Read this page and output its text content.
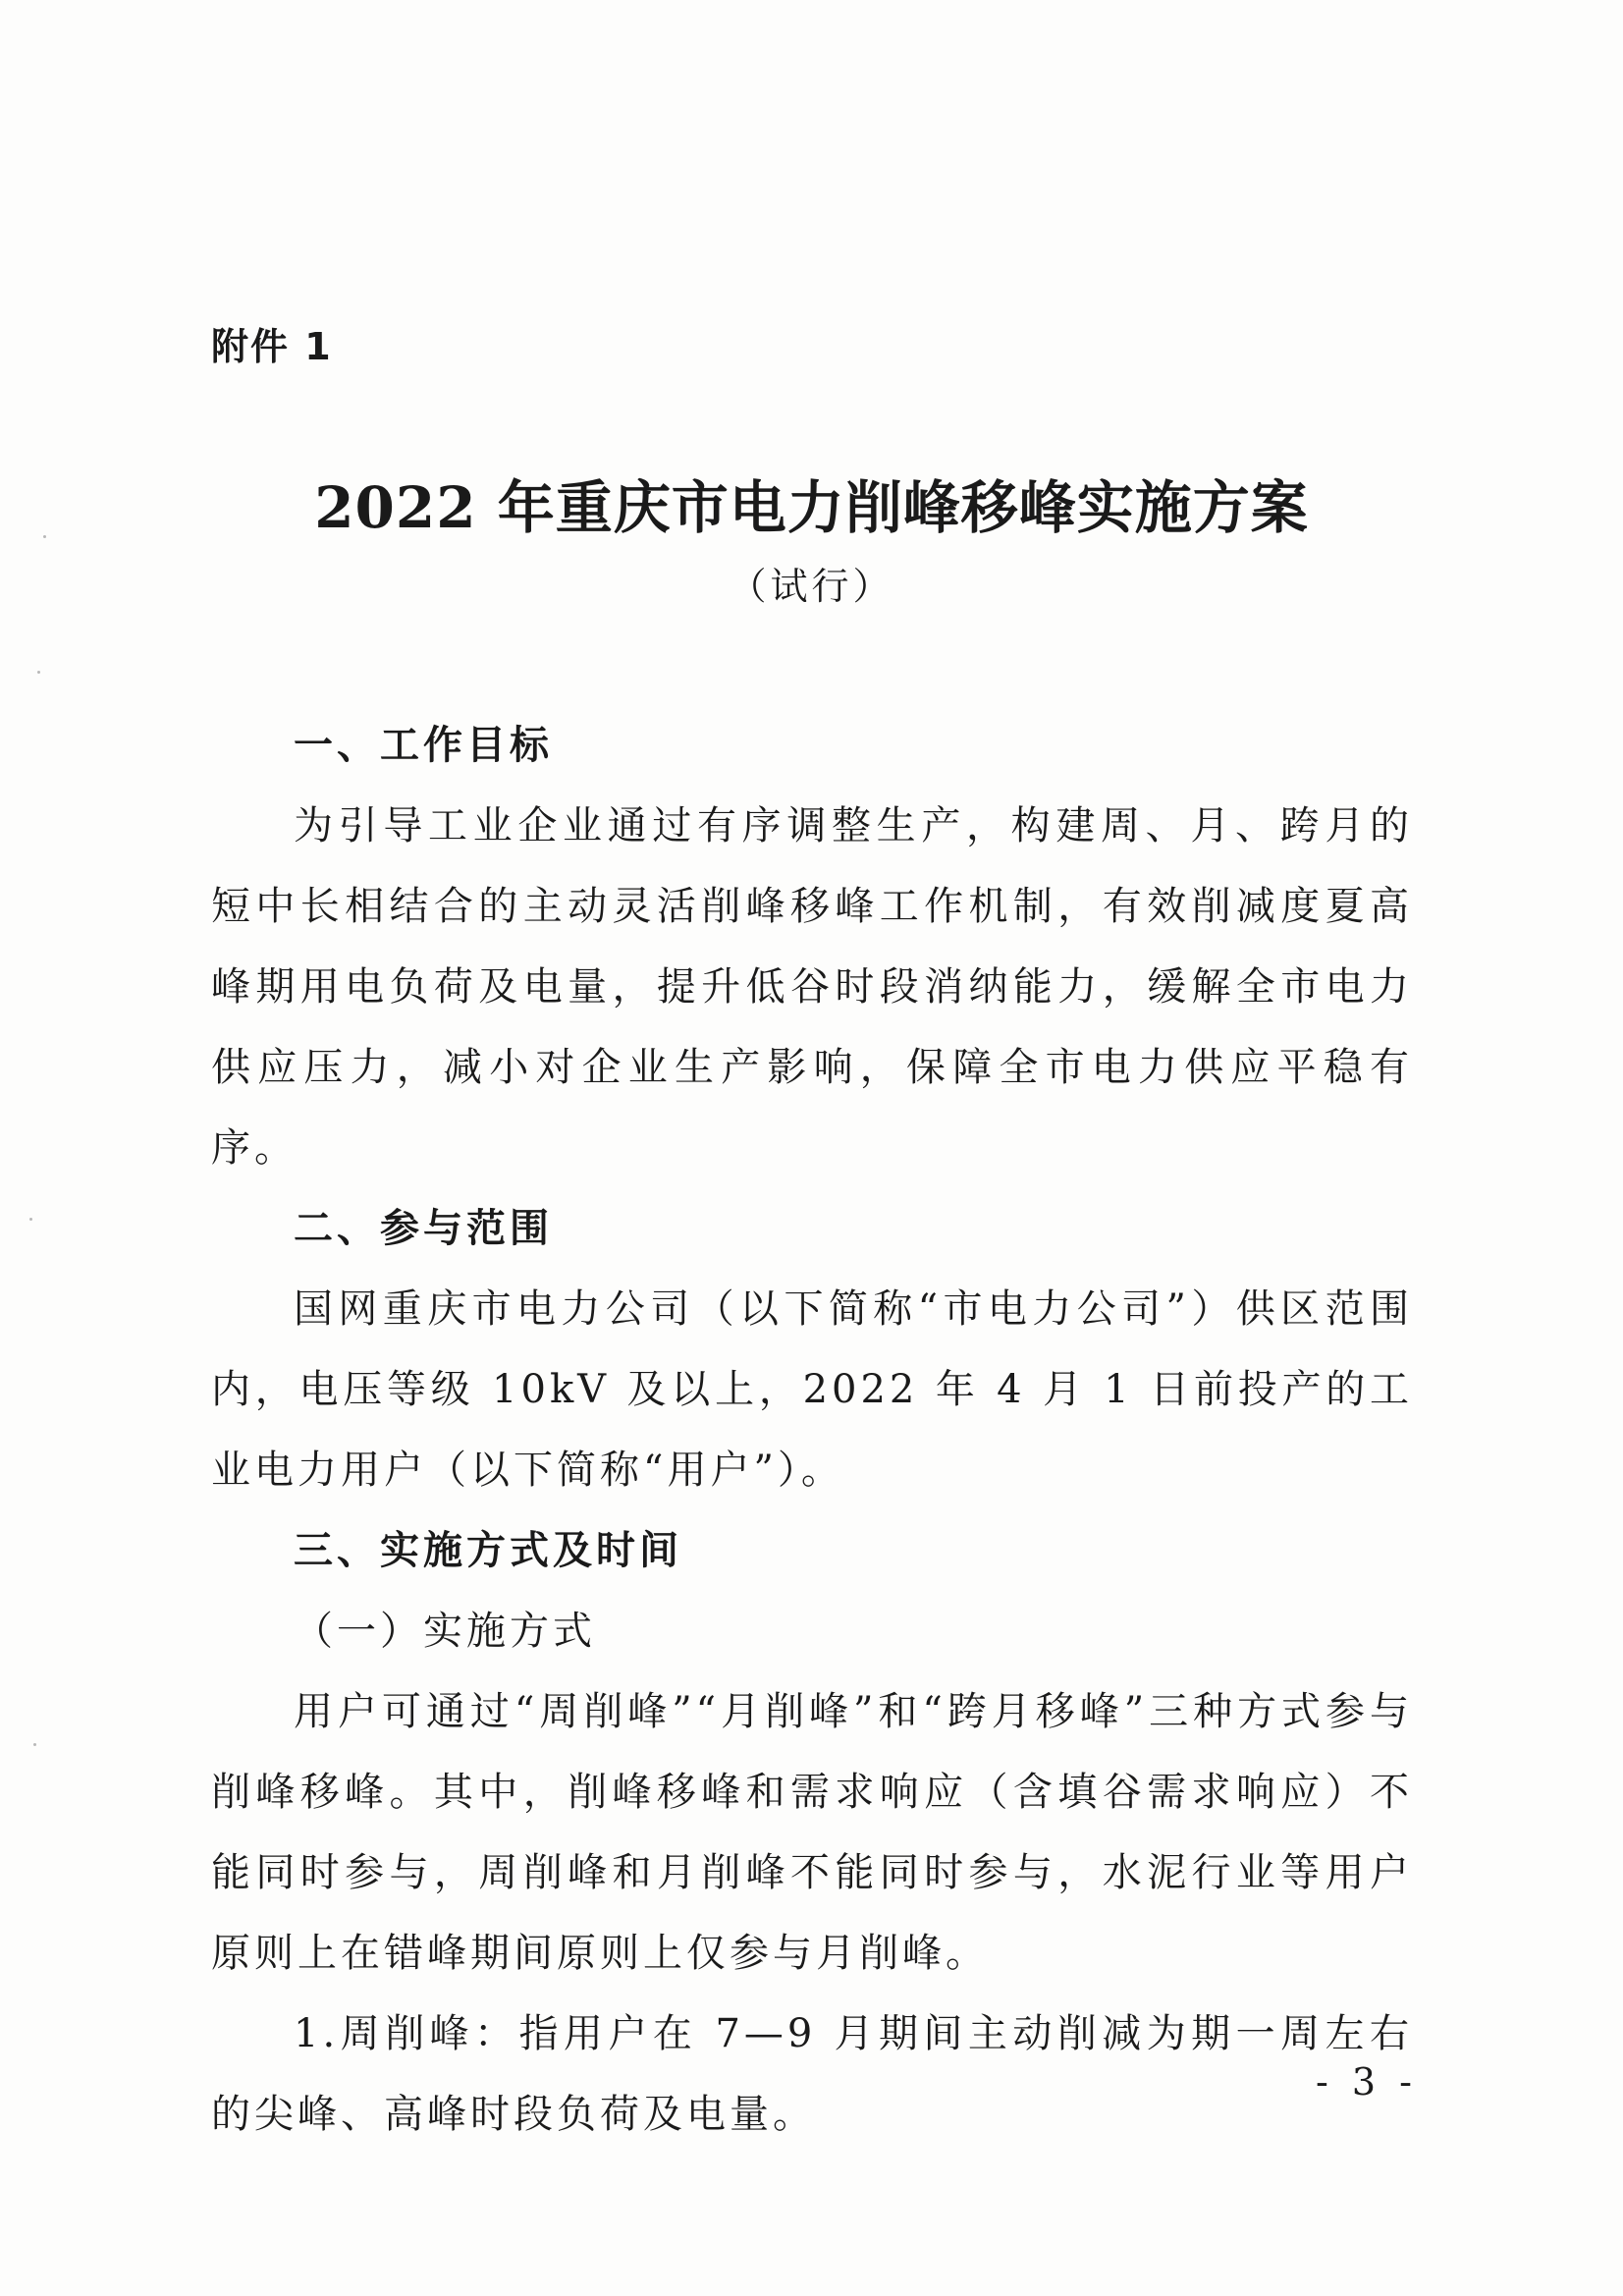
附件 1
2022 年重庆市电力削峰移峰实施方案
（试行）

一、工作目标

为引导工业企业通过有序调整生产，构建周、月、跨月的短中长相结合的主动灵活削峰移峰工作机制，有效削减度夏高峰期用电负荷及电量，提升低谷时段消纳能力，缓解全市电力供应压力，减小对企业生产影响，保障全市电力供应平稳有序。

二、参与范围

国网重庆市电力公司（以下简称“市电力公司”）供区范围内，电压等级 10kV 及以上，2022 年 4 月 1 日前投产的工业电力用户（以下简称“用户”）。

三、实施方式及时间

（一）实施方式

用户可通过“周削峰”“月削峰”和“跨月移峰”三种方式参与削峰移峰。其中，削峰移峰和需求响应（含填谷需求响应）不能同时参与，周削峰和月削峰不能同时参与，水泥行业等用户原则上在错峰期间原则上仅参与月削峰。

1.周削峰：指用户在 7—9 月期间主动削减为期一周左右的尖峰、高峰时段负荷及电量。

- 3 -
